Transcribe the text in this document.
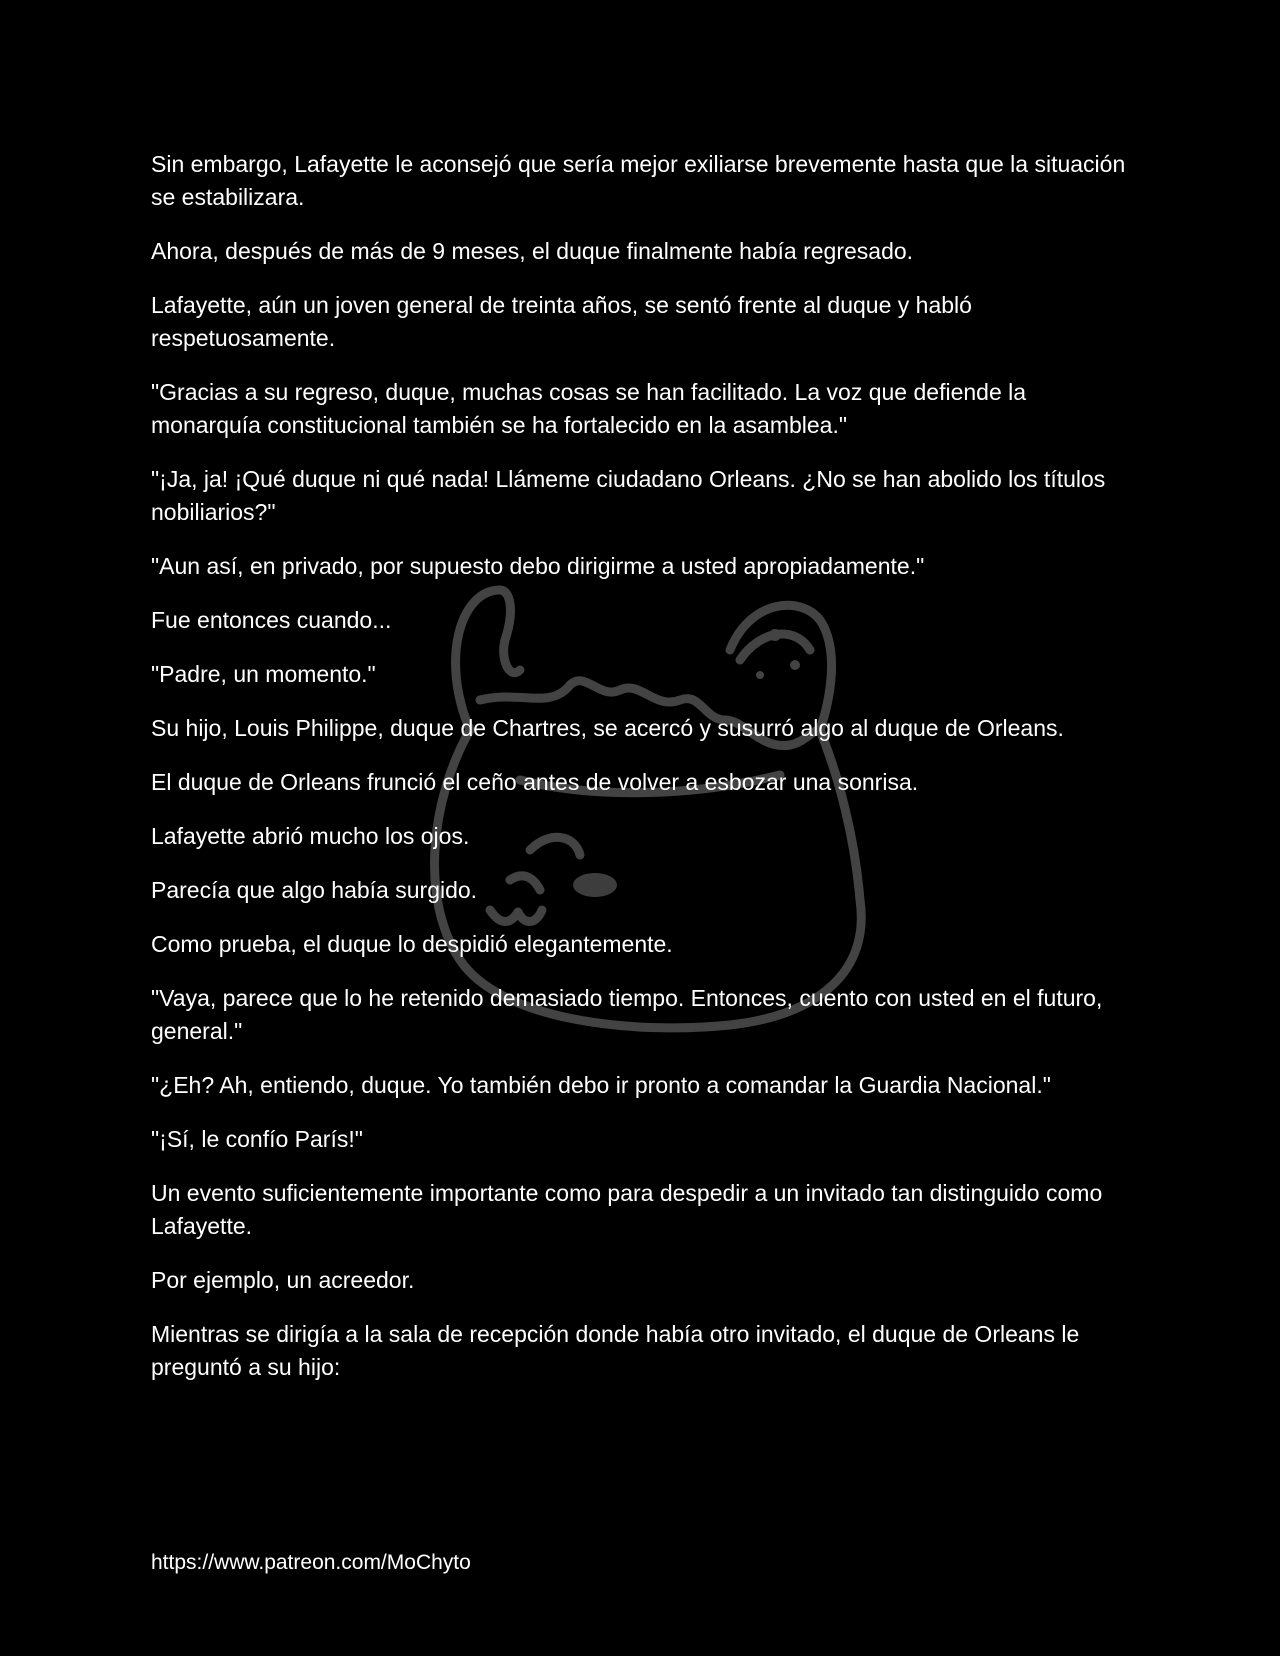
Sin embargo, Lafayette le aconsejó que sería mejor exiliarse brevemente hasta que la situación se estabilizara.

Ahora, después de más de 9 meses, el duque finalmente había regresado.

Lafayette, aún un joven general de treinta años, se sentó frente al duque y habló respetuosamente.

"Gracias a su regreso, duque, muchas cosas se han facilitado. La voz que defiende la monarquía constitucional también se ha fortalecido en la asamblea."

"¡Ja, ja! ¡Qué duque ni qué nada! Llámeme ciudadano Orleans. ¿No se han abolido los títulos nobiliarios?"

"Aun así, en privado, por supuesto debo dirigirme a usted apropiadamente."

Fue entonces cuando...

"Padre, un momento."

Su hijo, Louis Philippe, duque de Chartres, se acercó y susurró algo al duque de Orleans.

El duque de Orleans frunció el ceño antes de volver a esbozar una sonrisa.

Lafayette abrió mucho los ojos.

Parecía que algo había surgido.

Como prueba, el duque lo despidió elegantemente.

"Vaya, parece que lo he retenido demasiado tiempo. Entonces, cuento con usted en el futuro, general."

"¿Eh? Ah, entiendo, duque. Yo también debo ir pronto a comandar la Guardia Nacional."

"¡Sí, le confío París!"

Un evento suficientemente importante como para despedir a un invitado tan distinguido como Lafayette.

Por ejemplo, un acreedor.

Mientras se dirigía a la sala de recepción donde había otro invitado, el duque de Orleans le preguntó a su hijo:

https://www.patreon.com/MoChyto
